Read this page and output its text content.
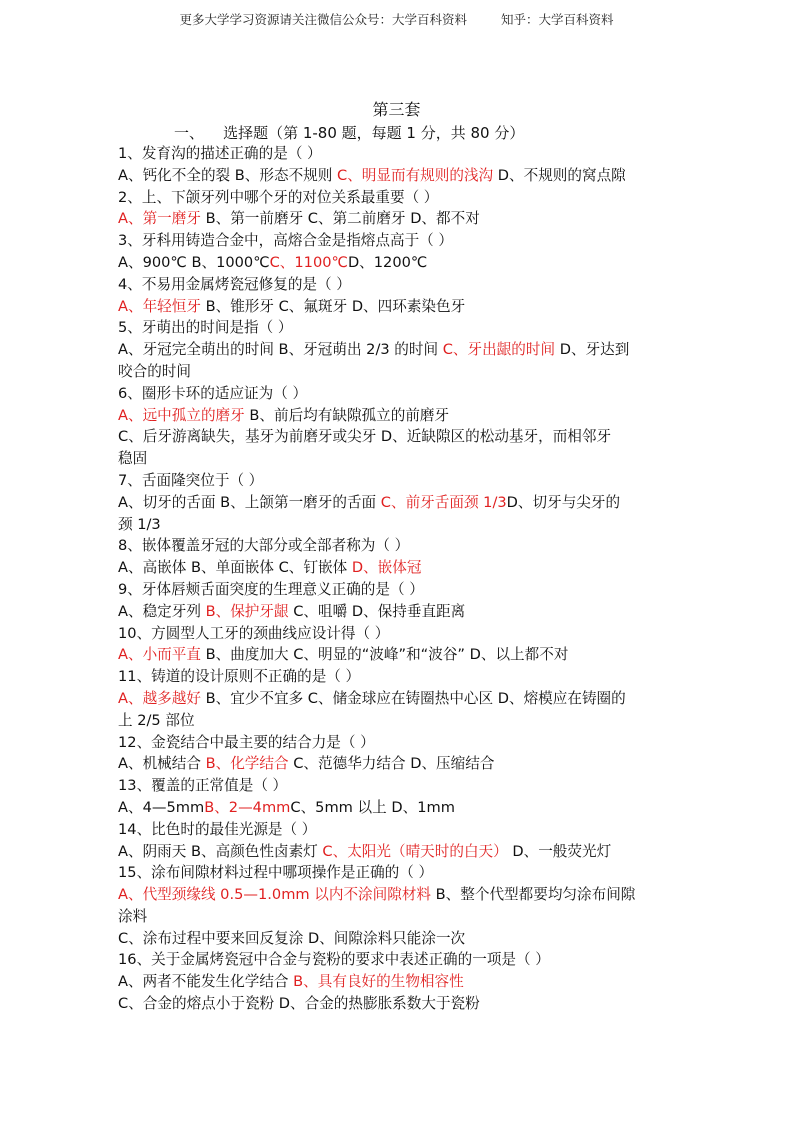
更多大学学习资源请关注微信公众号：大学百科资料	知乎：大学百科资料
第三套
一、    选择题（第 1-80 题，每题 1 分，共 80 分）
1、发育沟的描述正确的是（ ）
A、钙化不全的裂 B、形态不规则 C、明显而有规则的浅沟 D、不规则的窝点隙
2、上、下颌牙列中哪个牙的对位关系最重要（ ）
A、第一磨牙 B、第一前磨牙 C、第二前磨牙 D、都不对
3、牙科用铸造合金中，高熔合金是指熔点高于（ ）
A、900℃ B、1000℃C、1100℃D、1200℃
4、不易用金属烤瓷冠修复的是（ ）
A、年轻恒牙 B、锥形牙 C、氟斑牙 D、四环素染色牙
5、牙萌出的时间是指（ ）
A、牙冠完全萌出的时间 B、牙冠萌出 2/3 的时间 C、牙出龈的时间 D、牙达到
咬合的时间
6、圈形卡环的适应证为（ ）
A、远中孤立的磨牙 B、前后均有缺隙孤立的前磨牙
C、后牙游离缺失，基牙为前磨牙或尖牙 D、近缺隙区的松动基牙，而相邻牙
稳固
7、舌面隆突位于（ ）
A、切牙的舌面 B、上颌第一磨牙的舌面 C、前牙舌面颈 1/3D、切牙与尖牙的
颈 1/3
8、嵌体覆盖牙冠的大部分或全部者称为（ ）
A、高嵌体 B、单面嵌体 C、钉嵌体 D、嵌体冠
9、牙体唇颊舌面突度的生理意义正确的是（ ）
A、稳定牙列 B、保护牙龈 C、咀嚼 D、保持垂直距离
10、方圆型人工牙的颈曲线应设计得（ ）
A、小而平直 B、曲度加大 C、明显的“波峰”和“波谷” D、以上都不对
11、铸道的设计原则不正确的是（ ）
A、越多越好 B、宜少不宜多 C、储金球应在铸圈热中心区 D、熔模应在铸圈的
上 2/5 部位
12、金瓷结合中最主要的结合力是（ ）
A、机械结合 B、化学结合 C、范德华力结合 D、压缩结合
13、覆盖的正常值是（ ）
A、4—5mmB、2—4mmC、5mm 以上 D、1mm
14、比色时的最佳光源是（ ）
A、阴雨天 B、高颜色性卤素灯 C、太阳光（晴天时的白天） D、一般荧光灯
15、涂布间隙材料过程中哪项操作是正确的（ ）
A、代型颈缘线 0.5—1.0mm 以内不涂间隙材料 B、整个代型都要均匀涂布间隙
涂料
C、涂布过程中要来回反复涂 D、间隙涂料只能涂一次
16、关于金属烤瓷冠中合金与瓷粉的要求中表述正确的一项是（ ）
A、两者不能发生化学结合 B、具有良好的生物相容性
C、合金的熔点小于瓷粉 D、合金的热膨胀系数大于瓷粉
